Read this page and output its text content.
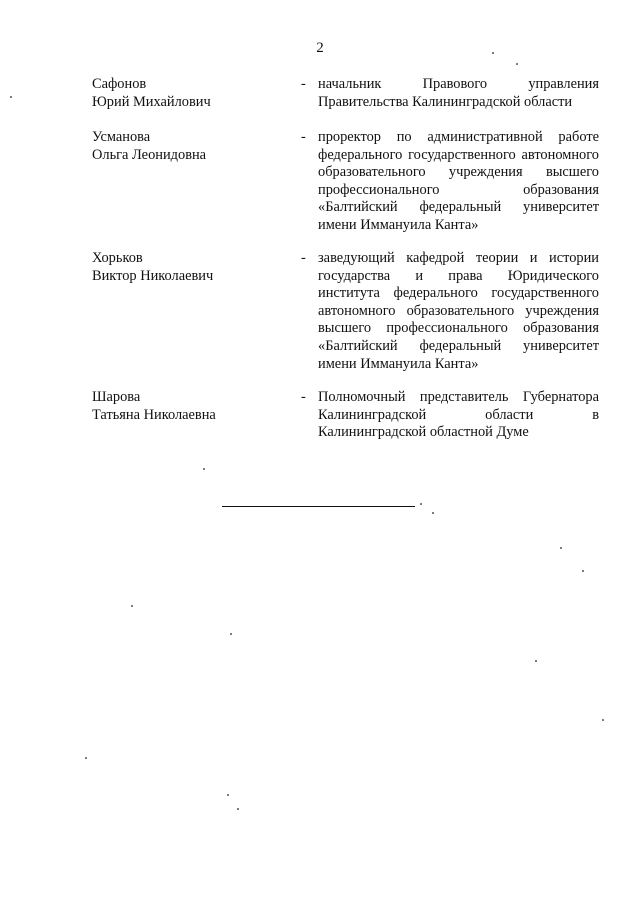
2
Сафонов
Юрий Михайлович
- начальник Правового управления Правительства Калининградской области
Усманова
Ольга Леонидовна
- проректор по административной работе федерального государственного автономного образовательного учреждения высшего профессионального образования «Балтийский федеральный университет имени Иммануила Канта»
Хорьков
Виктор Николаевич
- заведующий кафедрой теории и истории государства и права Юридического института федерального государственного автономного образовательного учреждения высшего профессионального образования «Балтийский федеральный университет имени Иммануила Канта»
Шарова
Татьяна Николаевна
- Полномочный представитель Губернатора Калининградской области в Калининградской областной Думе
